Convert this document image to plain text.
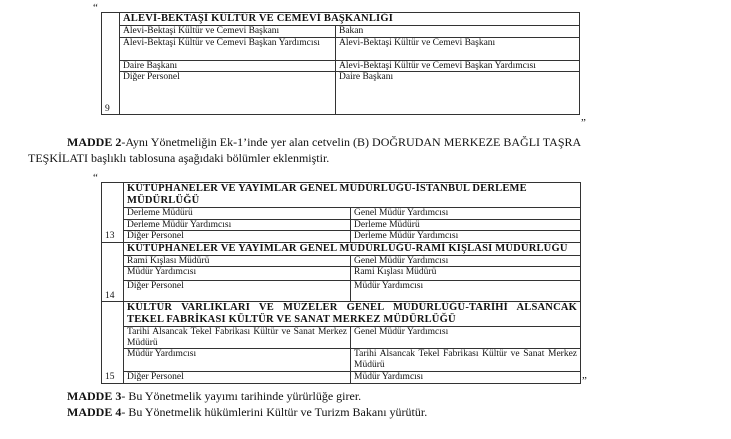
“
9	ALEVİ-BEKTAŞİ KÜLTÜR VE CEMEVİ BAŞKANLIĞI	
	Alevi-Bektaşi Kültür ve Cemevi Başkanı	Bakan
	Alevi-Bektaşi Kültür ve Cemevi Başkan Yardımcısı	Alevi-Bektaşi Kültür ve Cemevi Başkanı
	Daire Başkanı	Alevi-Bektaşi Kültür ve Cemevi Başkan Yardımcısı
	Diğer Personel	Daire Başkanı
”
MADDE 2-Aynı Yönetmeliğin Ek-1’inde yer alan cetvelin (B) DOĞRUDAN MERKEZE BAĞLI TAŞRA
TEŞKİLATI başlıklı tablosuna aşağıdaki bölümler eklenmiştir.
“
13	KÜTÜPHANELER VE YAYIMLAR GENEL MÜDÜRLÜĞÜ-İSTANBUL DERLEME MÜDÜRLÜĞÜ	
	Derleme Müdürü	Genel Müdür Yardımcısı
	Derleme Müdür Yardımcısı	Derleme Müdürü
	Diğer Personel	Derleme Müdür Yardımcısı
14	KÜTÜPHANELER VE YAYIMLAR GENEL MÜDÜRLÜĞÜ-RAMİ KIŞLASI MÜDÜRLÜĞÜ	
	Rami Kışlası Müdürü	Genel Müdür Yardımcısı
	Müdür Yardımcısı	Rami Kışlası Müdürü
	Diğer Personel	Müdür Yardımcısı
15	KÜLTÜR VARLIKLARI VE MÜZELER GENEL MÜDÜRLÜĞÜ-TARİHİ ALSANCAK TEKEL FABRİKASI KÜLTÜR VE SANAT MERKEZ MÜDÜRLÜĞÜ	
	Tarihi Alsancak Tekel Fabrikası Kültür ve Sanat Merkez Müdürü	Genel Müdür Yardımcısı
	Müdür Yardımcısı	Tarihi Alsancak Tekel Fabrikası Kültür ve Sanat Merkez Müdürü
	Diğer Personel	Müdür Yardımcısı	”
MADDE 3- Bu Yönetmelik yayımı tarihinde yürürlüğe girer.
MADDE 4- Bu Yönetmelik hükümlerini Kültür ve Turizm Bakanı yürütür.
